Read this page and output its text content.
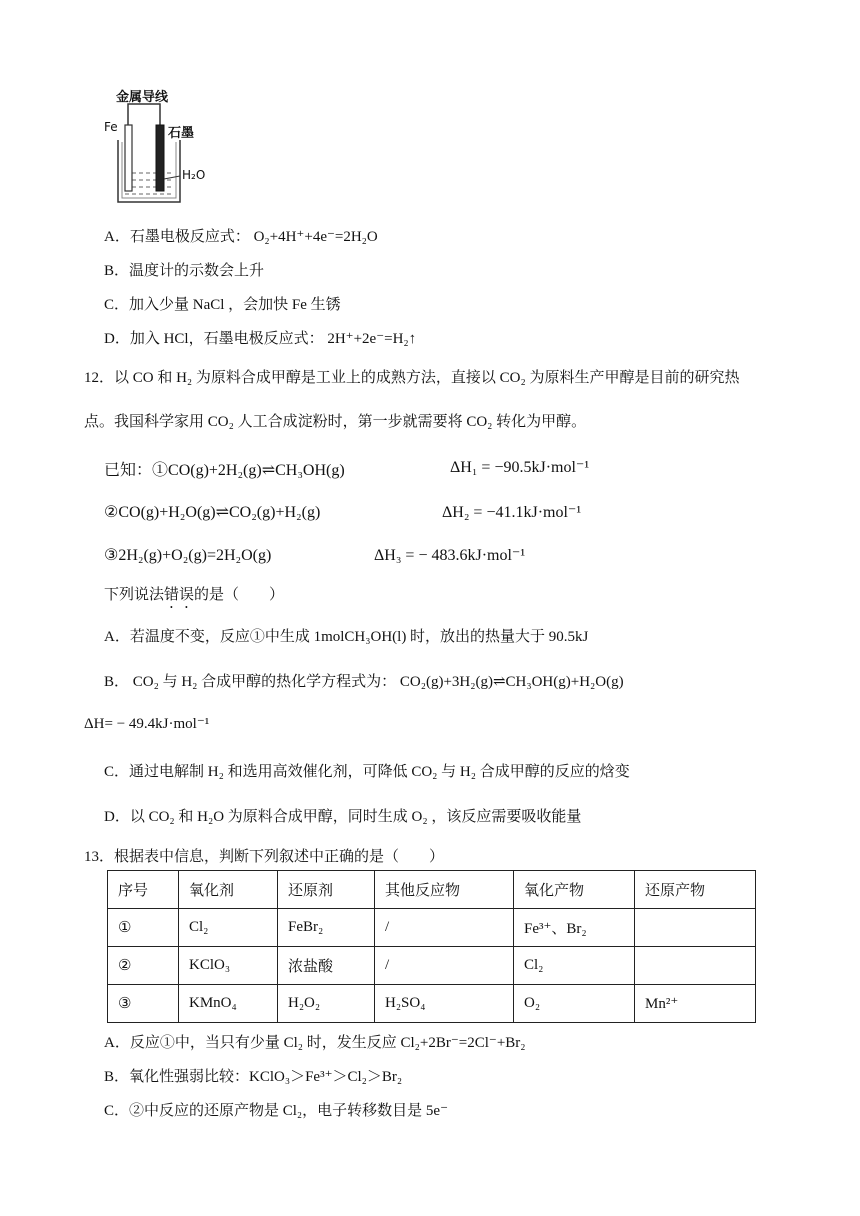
金属导线
Fe	石墨
H₂O
A．石墨电极反应式： O₂+4H⁺+4e⁻=2H₂O
B．温度计的示数会上升
C．加入少量 NaCl ，会加快 Fe 生锈
D．加入 HCl，石墨电极反应式： 2H⁺+2e⁻=H₂↑
12．以 CO 和 H₂ 为原料合成甲醇是工业上的成熟方法，直接以 CO₂ 为原料生产甲醇是目前的研究热
点。我国科学家用 CO₂ 人工合成淀粉时，第一步就需要将 CO₂ 转化为甲醇。
已知：①CO(g)+2H₂(g)⇌CH₃OH(g)	ΔH₁ = −90.5kJ·mol⁻¹
②CO(g)+H₂O(g)⇌CO₂(g)+H₂(g)	ΔH₂ = −41.1kJ·mol⁻¹
③2H₂(g)+O₂(g)=2H₂O(g)	ΔH₃ = − 483.6kJ·mol⁻¹
下列说法错误的是（　　）
A．若温度不变，反应①中生成 1molCH₃OH(l) 时，放出的热量大于 90.5kJ
B． CO₂ 与 H₂ 合成甲醇的热化学方程式为： CO₂(g)+3H₂(g)⇌CH₃OH(g)+H₂O(g)
ΔH= − 49.4kJ·mol⁻¹
C．通过电解制 H₂ 和选用高效催化剂，可降低 CO₂ 与 H₂ 合成甲醇的反应的焓变
D．以 CO₂ 和 H₂O 为原料合成甲醇，同时生成 O₂ ，该反应需要吸收能量
13．根据表中信息，判断下列叙述中正确的是（　　）
序号	氧化剂	还原剂	其他反应物	氧化产物	还原产物
①	Cl₂	FeBr₂	/	Fe³⁺、Br₂	
②	KClO₃	浓盐酸	/	Cl₂	
③	KMnO₄	H₂O₂	H₂SO₄	O₂	Mn²⁺
A．反应①中，当只有少量 Cl₂ 时，发生反应 Cl₂+2Br⁻=2Cl⁻+Br₂
B．氧化性强弱比较：KClO₃＞Fe³⁺＞Cl₂＞Br₂
C．②中反应的还原产物是 Cl₂，电子转移数目是 5e⁻
